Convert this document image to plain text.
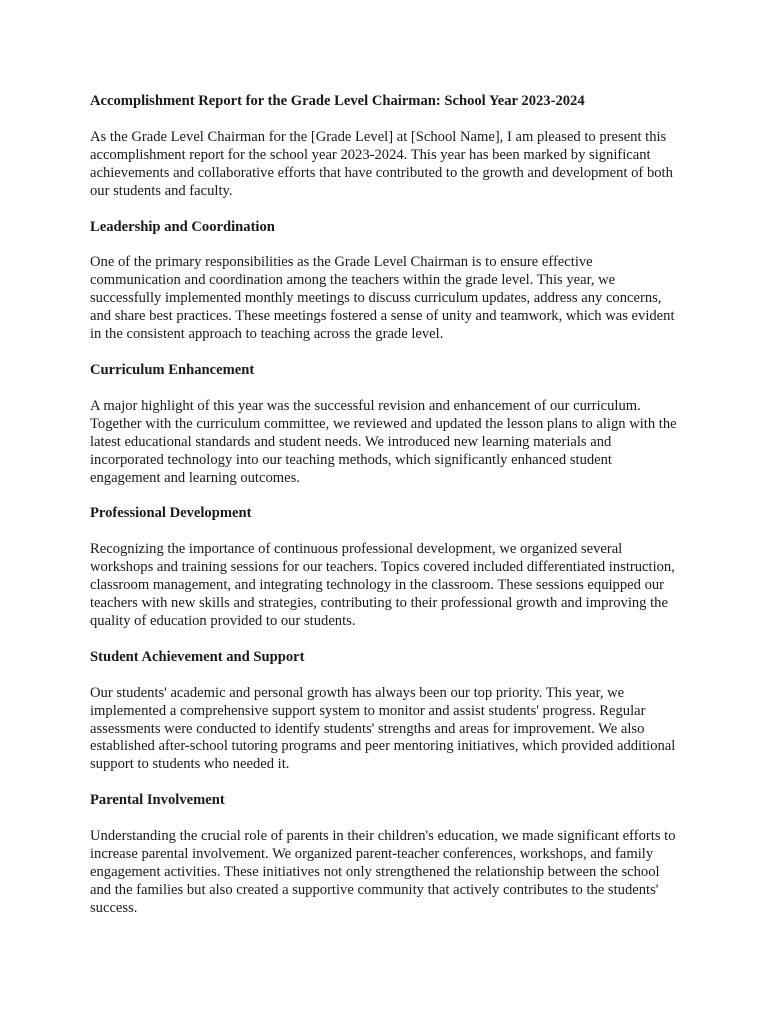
Accomplishment Report for the Grade Level Chairman: School Year 2023-2024

As the Grade Level Chairman for the [Grade Level] at [School Name], I am pleased to present this accomplishment report for the school year 2023-2024. This year has been marked by significant achievements and collaborative efforts that have contributed to the growth and development of both our students and faculty.

Leadership and Coordination

One of the primary responsibilities as the Grade Level Chairman is to ensure effective communication and coordination among the teachers within the grade level. This year, we successfully implemented monthly meetings to discuss curriculum updates, address any concerns, and share best practices. These meetings fostered a sense of unity and teamwork, which was evident in the consistent approach to teaching across the grade level.

Curriculum Enhancement

A major highlight of this year was the successful revision and enhancement of our curriculum. Together with the curriculum committee, we reviewed and updated the lesson plans to align with the latest educational standards and student needs. We introduced new learning materials and incorporated technology into our teaching methods, which significantly enhanced student engagement and learning outcomes.

Professional Development

Recognizing the importance of continuous professional development, we organized several workshops and training sessions for our teachers. Topics covered included differentiated instruction, classroom management, and integrating technology in the classroom. These sessions equipped our teachers with new skills and strategies, contributing to their professional growth and improving the quality of education provided to our students.

Student Achievement and Support

Our students' academic and personal growth has always been our top priority. This year, we implemented a comprehensive support system to monitor and assist students' progress. Regular assessments were conducted to identify students' strengths and areas for improvement. We also established after-school tutoring programs and peer mentoring initiatives, which provided additional support to students who needed it.

Parental Involvement

Understanding the crucial role of parents in their children's education, we made significant efforts to increase parental involvement. We organized parent-teacher conferences, workshops, and family engagement activities. These initiatives not only strengthened the relationship between the school and the families but also created a supportive community that actively contributes to the students' success.
